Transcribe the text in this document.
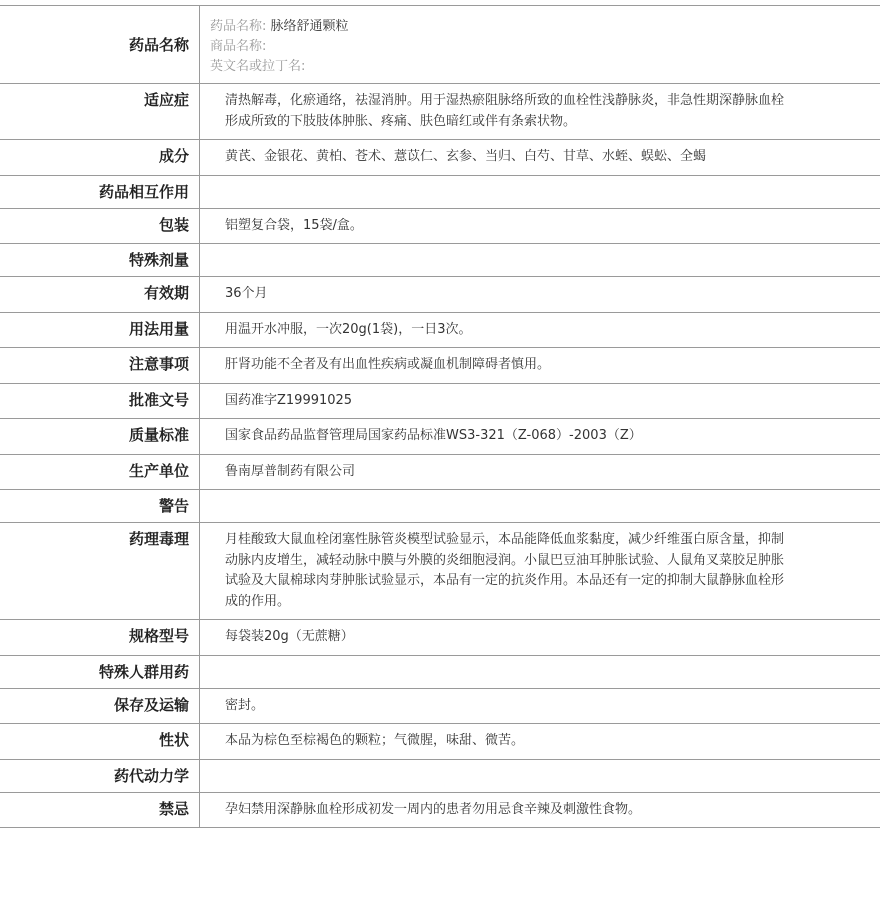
药品名称
药品名称: 脉络舒通颗粒
商品名称:
英文名或拉丁名:
适应症	清热解毒，化瘀通络，祛湿消肿。用于湿热瘀阻脉络所致的血栓性浅静脉炎，非急性期深静脉血栓形成所致的下肢肢体肿胀、疼痛、肤色暗红或伴有条索状物。
成分	黄芪、金银花、黄柏、苍术、薏苡仁、玄参、当归、白芍、甘草、水蛭、蜈蚣、全蝎
药品相互作用
包装	铝塑复合袋，15袋/盒。
特殊剂量
有效期	36个月
用法用量	用温开水冲服，一次20g(1袋)，一日3次。
注意事项	肝肾功能不全者及有出血性疾病或凝血机制障碍者慎用。
批准文号	国药准字Z19991025
质量标准	国家食品药品监督管理局国家药品标准WS3-321（Z-068）-2003（Z）
生产单位	鲁南厚普制药有限公司
警告
药理毒理	月桂酸致大鼠血栓闭塞性脉管炎模型试验显示，本品能降低血浆黏度，减少纤维蛋白原含量，抑制动脉内皮增生，减轻动脉中膜与外膜的炎细胞浸润。小鼠巴豆油耳肿胀试验、人鼠角叉菜胶足肿胀试验及大鼠棉球肉芽肿胀试验显示，本品有一定的抗炎作用。本品还有一定的抑制大鼠静脉血栓形成的作用。
规格型号	每袋装20g（无蔗糖）
特殊人群用药
保存及运输	密封。
性状	本品为棕色至棕褐色的颗粒；气微腥，味甜、微苦。
药代动力学
禁忌	孕妇禁用深静脉血栓形成初发一周内的患者勿用忌食辛辣及刺激性食物。
